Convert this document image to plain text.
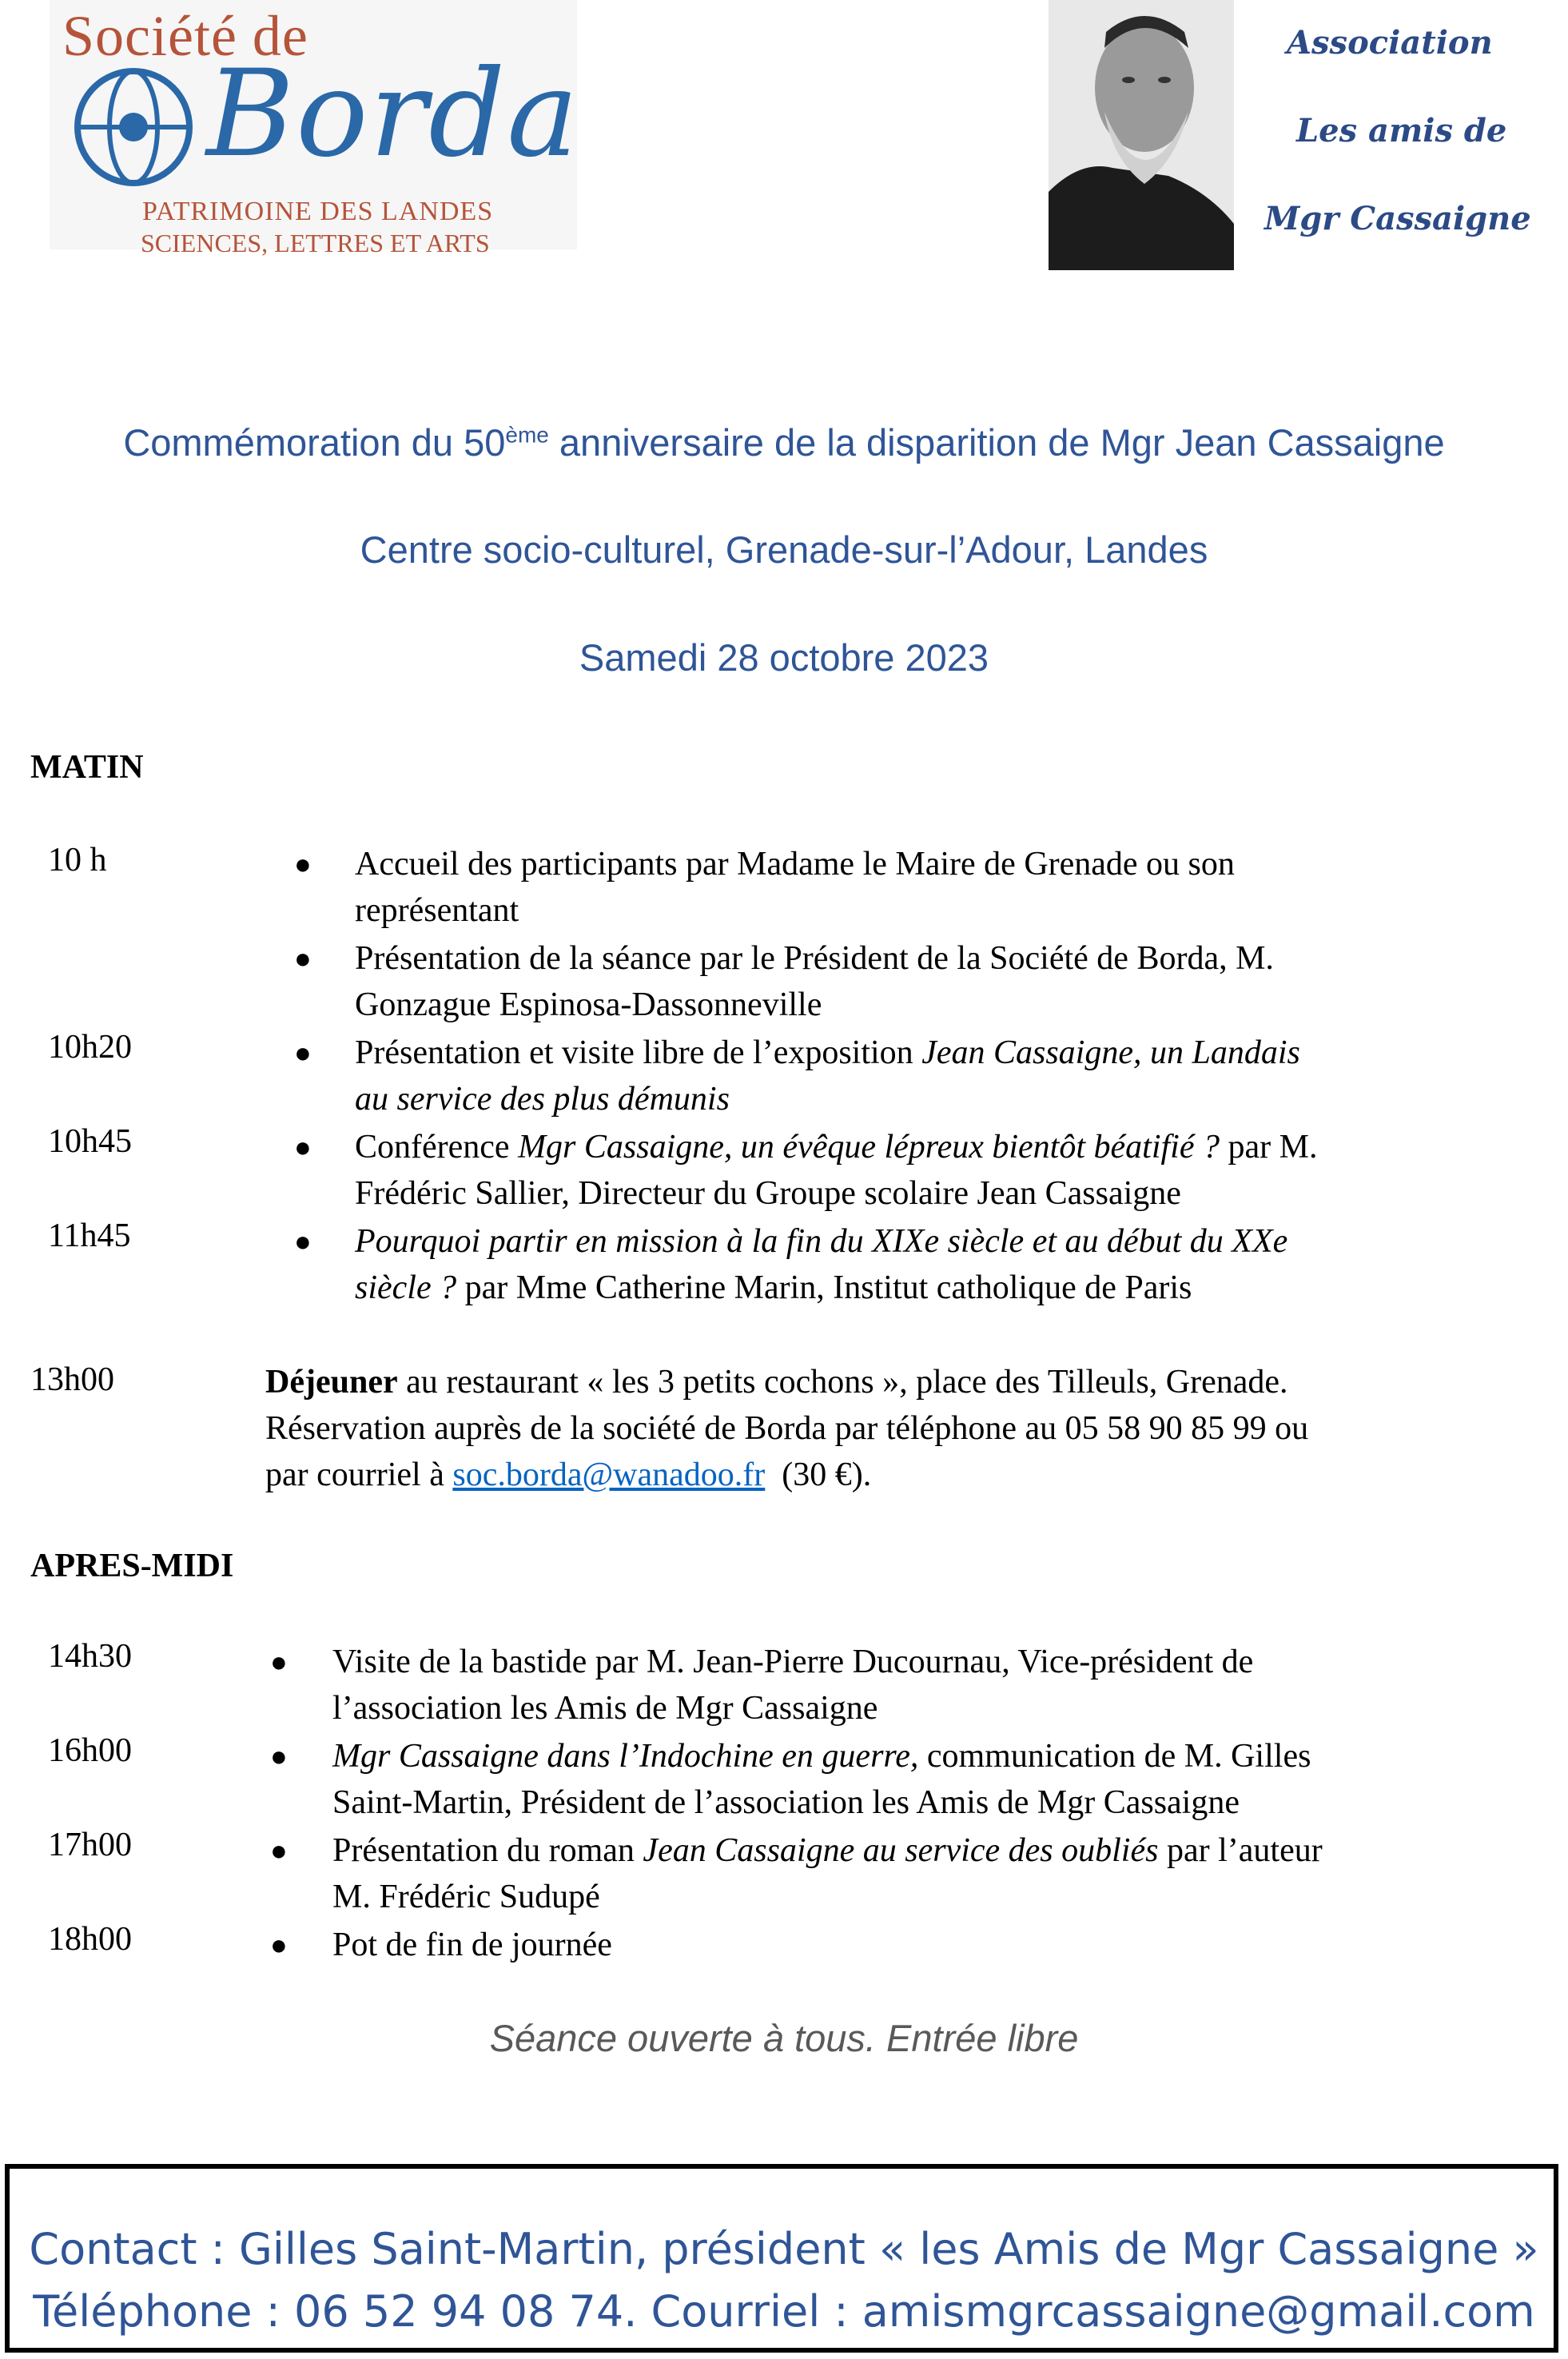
Société de
Borda
PATRIMOINE DES LANDES
SCIENCES, LETTRES ET ARTS
Association
Les amis de
Mgr Cassaigne
Commémoration du 50ème anniversaire de la disparition de Mgr Jean Cassaigne
Centre socio-culturel, Grenade-sur-l’Adour, Landes
Samedi 28 octobre 2023
MATIN
10 h	● Accueil des participants par Madame le Maire de Grenade ou son
représentant
● Présentation de la séance par le Président de la Société de Borda, M.
Gonzague Espinosa-Dassonneville
10h20	● Présentation et visite libre de l’exposition Jean Cassaigne, un Landais
au service des plus démunis
10h45	● Conférence Mgr Cassaigne, un évêque lépreux bientôt béatifié ? par M.
Frédéric Sallier, Directeur du Groupe scolaire Jean Cassaigne
11h45	● Pourquoi partir en mission à la fin du XIXe siècle et au début du XXe
siècle ? par Mme Catherine Marin, Institut catholique de Paris
13h00	Déjeuner au restaurant « les 3 petits cochons », place des Tilleuls, Grenade.
Réservation auprès de la société de Borda par téléphone au 05 58 90 85 99 ou
par courriel à soc.borda@wanadoo.fr  (30 €).
APRES-MIDI
14h30	● Visite de la bastide par M. Jean-Pierre Ducournau, Vice-président de
l’association les Amis de Mgr Cassaigne
16h00	● Mgr Cassaigne dans l’Indochine en guerre, communication de M. Gilles
Saint-Martin, Président de l’association les Amis de Mgr Cassaigne
17h00	● Présentation du roman Jean Cassaigne au service des oubliés par l’auteur
M. Frédéric Sudupé
18h00	● Pot de fin de journée
Séance ouverte à tous. Entrée libre
Contact : Gilles Saint-Martin, président « les Amis de Mgr Cassaigne »
Téléphone : 06 52 94 08 74. Courriel : amismgrcassaigne@gmail.com
